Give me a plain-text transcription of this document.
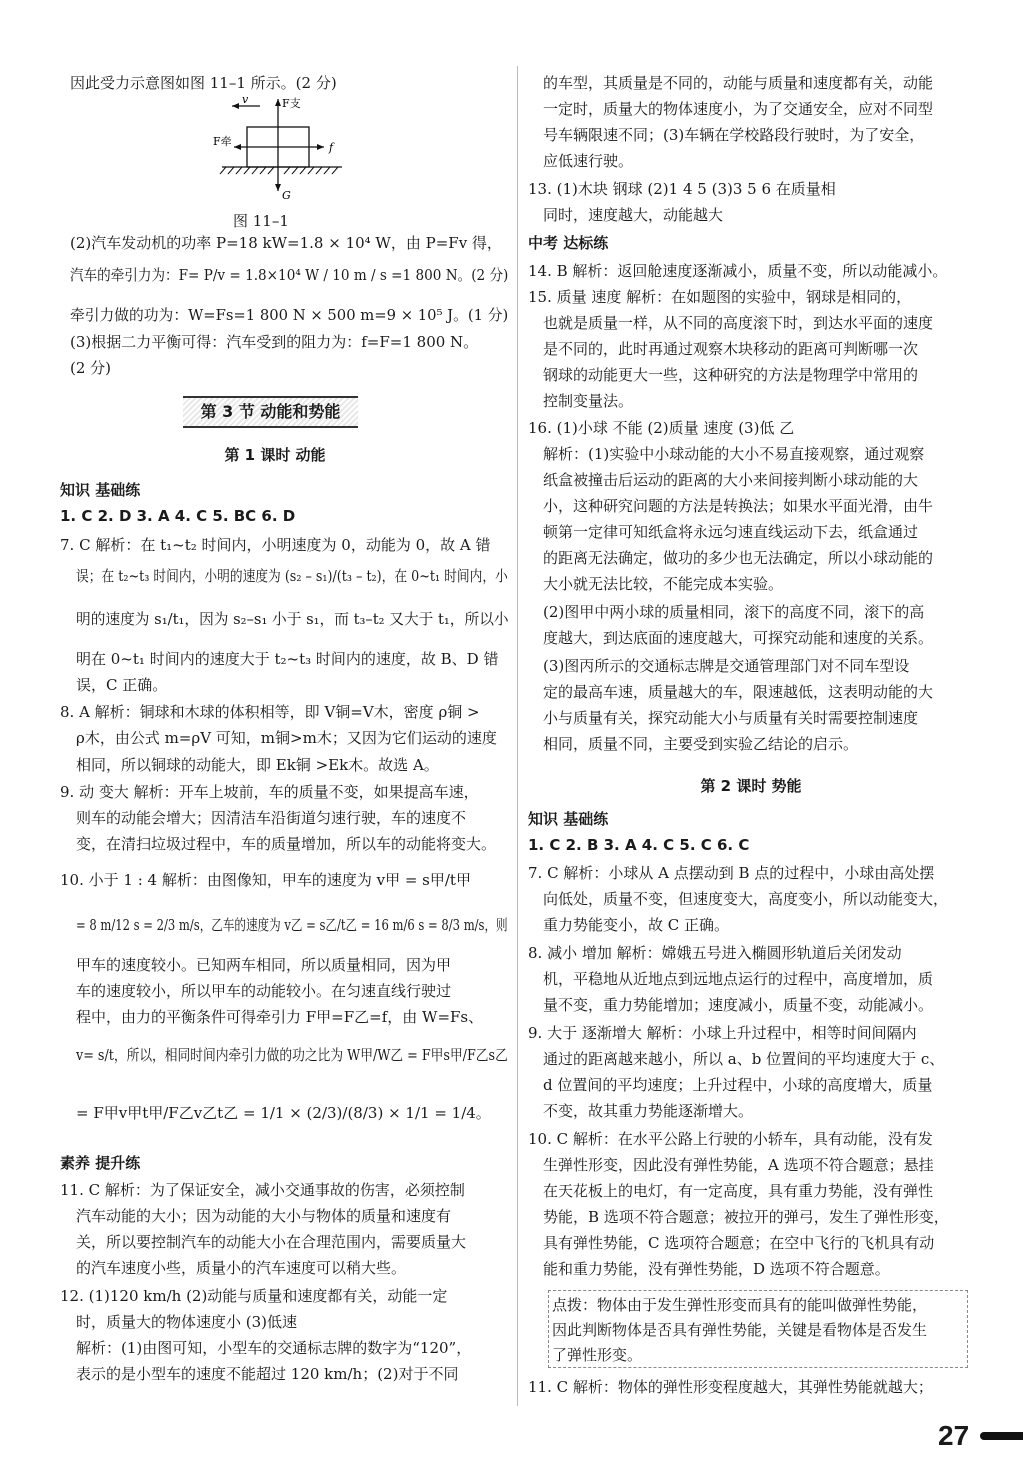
因此受力示意图如图 11–1 所示。(2 分)
v	F支
G
F牵	f
图 11–1
(2)汽车发动机的功率 P=18 kW=1.8 × 10⁴ W，由 P=Fv 得，
汽车的牵引力为：F= P/v = 1.8×10⁴ W / 10 m / s =1 800 N。(2 分)
牵引力做的功为：W=Fs=1 800 N × 500 m=9 × 10⁵ J。(1 分)
(3)根据二力平衡可得：汽车受到的阻力为：f=F=1 800 N。
(2 分)
第 3 节 动能和势能
第 1 课时 动能
知识 基础练
1. C 2. D 3. A 4. C 5. BC 6. D
7. C 解析：在 t₁~t₂ 时间内，小明速度为 0，动能为 0，故 A 错
误；在 t₂~t₃ 时间内，小明的速度为 (s₂ – s₁)/(t₃ – t₂)，在 0~t₁ 时间内，小
明的速度为 s₁/t₁，因为 s₂–s₁ 小于 s₁，而 t₃–t₂ 又大于 t₁，所以小
明在 0~t₁ 时间内的速度大于 t₂~t₃ 时间内的速度，故 B、D 错
误，C 正确。
8. A 解析：铜球和木球的体积相等，即 V铜=V木，密度 ρ铜 >
ρ木，由公式 m=ρV 可知，m铜>m木；又因为它们运动的速度
相同，所以铜球的动能大，即 Ek铜 >Ek木。故选 A。
9. 动 变大 解析：开车上坡前，车的质量不变，如果提高车速，
则车的动能会增大；因清洁车沿街道匀速行驶，车的速度不
变，在清扫垃圾过程中，车的质量增加，所以车的动能将变大。
10. 小于 1 : 4 解析：由图像知，甲车的速度为 v甲 = s甲/t甲
= 8 m/12 s = 2/3 m/s，乙车的速度为 v乙 = s乙/t乙 = 16 m/6 s = 8/3 m/s，则
甲车的速度较小。已知两车相同，所以质量相同，因为甲
车的速度较小，所以甲车的动能较小。在匀速直线行驶过
程中，由力的平衡条件可得牵引力 F甲=F乙=f，由 W=Fs、
v= s/t，所以，相同时间内牵引力做的功之比为 W甲/W乙 = F甲s甲/F乙s乙
= F甲v甲t甲/F乙v乙t乙 = 1/1 × (2/3)/(8/3) × 1/1 = 1/4。
素养 提升练
11. C 解析：为了保证安全，减小交通事故的伤害，必须控制
汽车动能的大小；因为动能的大小与物体的质量和速度有
关，所以要控制汽车的动能大小在合理范围内，需要质量大
的汽车速度小些，质量小的汽车速度可以稍大些。
12. (1)120 km/h (2)动能与质量和速度都有关，动能一定
时，质量大的物体速度小 (3)低速
解析：(1)由图可知，小型车的交通标志牌的数字为“120”，
表示的是小型车的速度不能超过 120 km/h；(2)对于不同
的车型，其质量是不同的，动能与质量和速度都有关，动能
一定时，质量大的物体速度小，为了交通安全，应对不同型
号车辆限速不同；(3)车辆在学校路段行驶时，为了安全，
应低速行驶。
13. (1)木块 钢球 (2)1 4 5 (3)3 5 6 在质量相
同时，速度越大，动能越大
中考 达标练
14. B 解析：返回舱速度逐渐减小，质量不变，所以动能减小。
15. 质量 速度 解析：在如题图的实验中，钢球是相同的，
也就是质量一样，从不同的高度滚下时，到达水平面的速度
是不同的，此时再通过观察木块移动的距离可判断哪一次
钢球的动能更大一些，这种研究的方法是物理学中常用的
控制变量法。
16. (1)小球 不能 (2)质量 速度 (3)低 乙
解析：(1)实验中小球动能的大小不易直接观察，通过观察
纸盒被撞击后运动的距离的大小来间接判断小球动能的大
小，这种研究问题的方法是转换法；如果水平面光滑，由牛
顿第一定律可知纸盒将永远匀速直线运动下去，纸盒通过
的距离无法确定，做功的多少也无法确定，所以小球动能的
大小就无法比较，不能完成本实验。
(2)图甲中两小球的质量相同，滚下的高度不同，滚下的高
度越大，到达底面的速度越大，可探究动能和速度的关系。
(3)图丙所示的交通标志牌是交通管理部门对不同车型设
定的最高车速，质量越大的车，限速越低，这表明动能的大
小与质量有关，探究动能大小与质量有关时需要控制速度
相同，质量不同，主要受到实验乙结论的启示。
第 2 课时 势能
知识 基础练
1. C 2. B 3. A 4. C 5. C 6. C
7. C 解析：小球从 A 点摆动到 B 点的过程中，小球由高处摆
向低处，质量不变，但速度变大，高度变小，所以动能变大，
重力势能变小，故 C 正确。
8. 减小 增加 解析：嫦娥五号进入椭圆形轨道后关闭发动
机，平稳地从近地点到远地点运行的过程中，高度增加，质
量不变，重力势能增加；速度减小，质量不变，动能减小。
9. 大于 逐渐增大 解析：小球上升过程中，相等时间间隔内
通过的距离越来越小，所以 a、b 位置间的平均速度大于 c、
d 位置间的平均速度；上升过程中，小球的高度增大，质量
不变，故其重力势能逐渐增大。
10. C 解析：在水平公路上行驶的小轿车，具有动能，没有发
生弹性形变，因此没有弹性势能，A 选项不符合题意；悬挂
在天花板上的电灯，有一定高度，具有重力势能，没有弹性
势能，B 选项不符合题意；被拉开的弹弓，发生了弹性形变，
具有弹性势能，C 选项符合题意；在空中飞行的飞机具有动
能和重力势能，没有弹性势能，D 选项不符合题意。
点拨：物体由于发生弹性形变而具有的能叫做弹性势能，
因此判断物体是否具有弹性势能，关键是看物体是否发生
了弹性形变。
11. C 解析：物体的弹性形变程度越大，其弹性势能就越大；
27
